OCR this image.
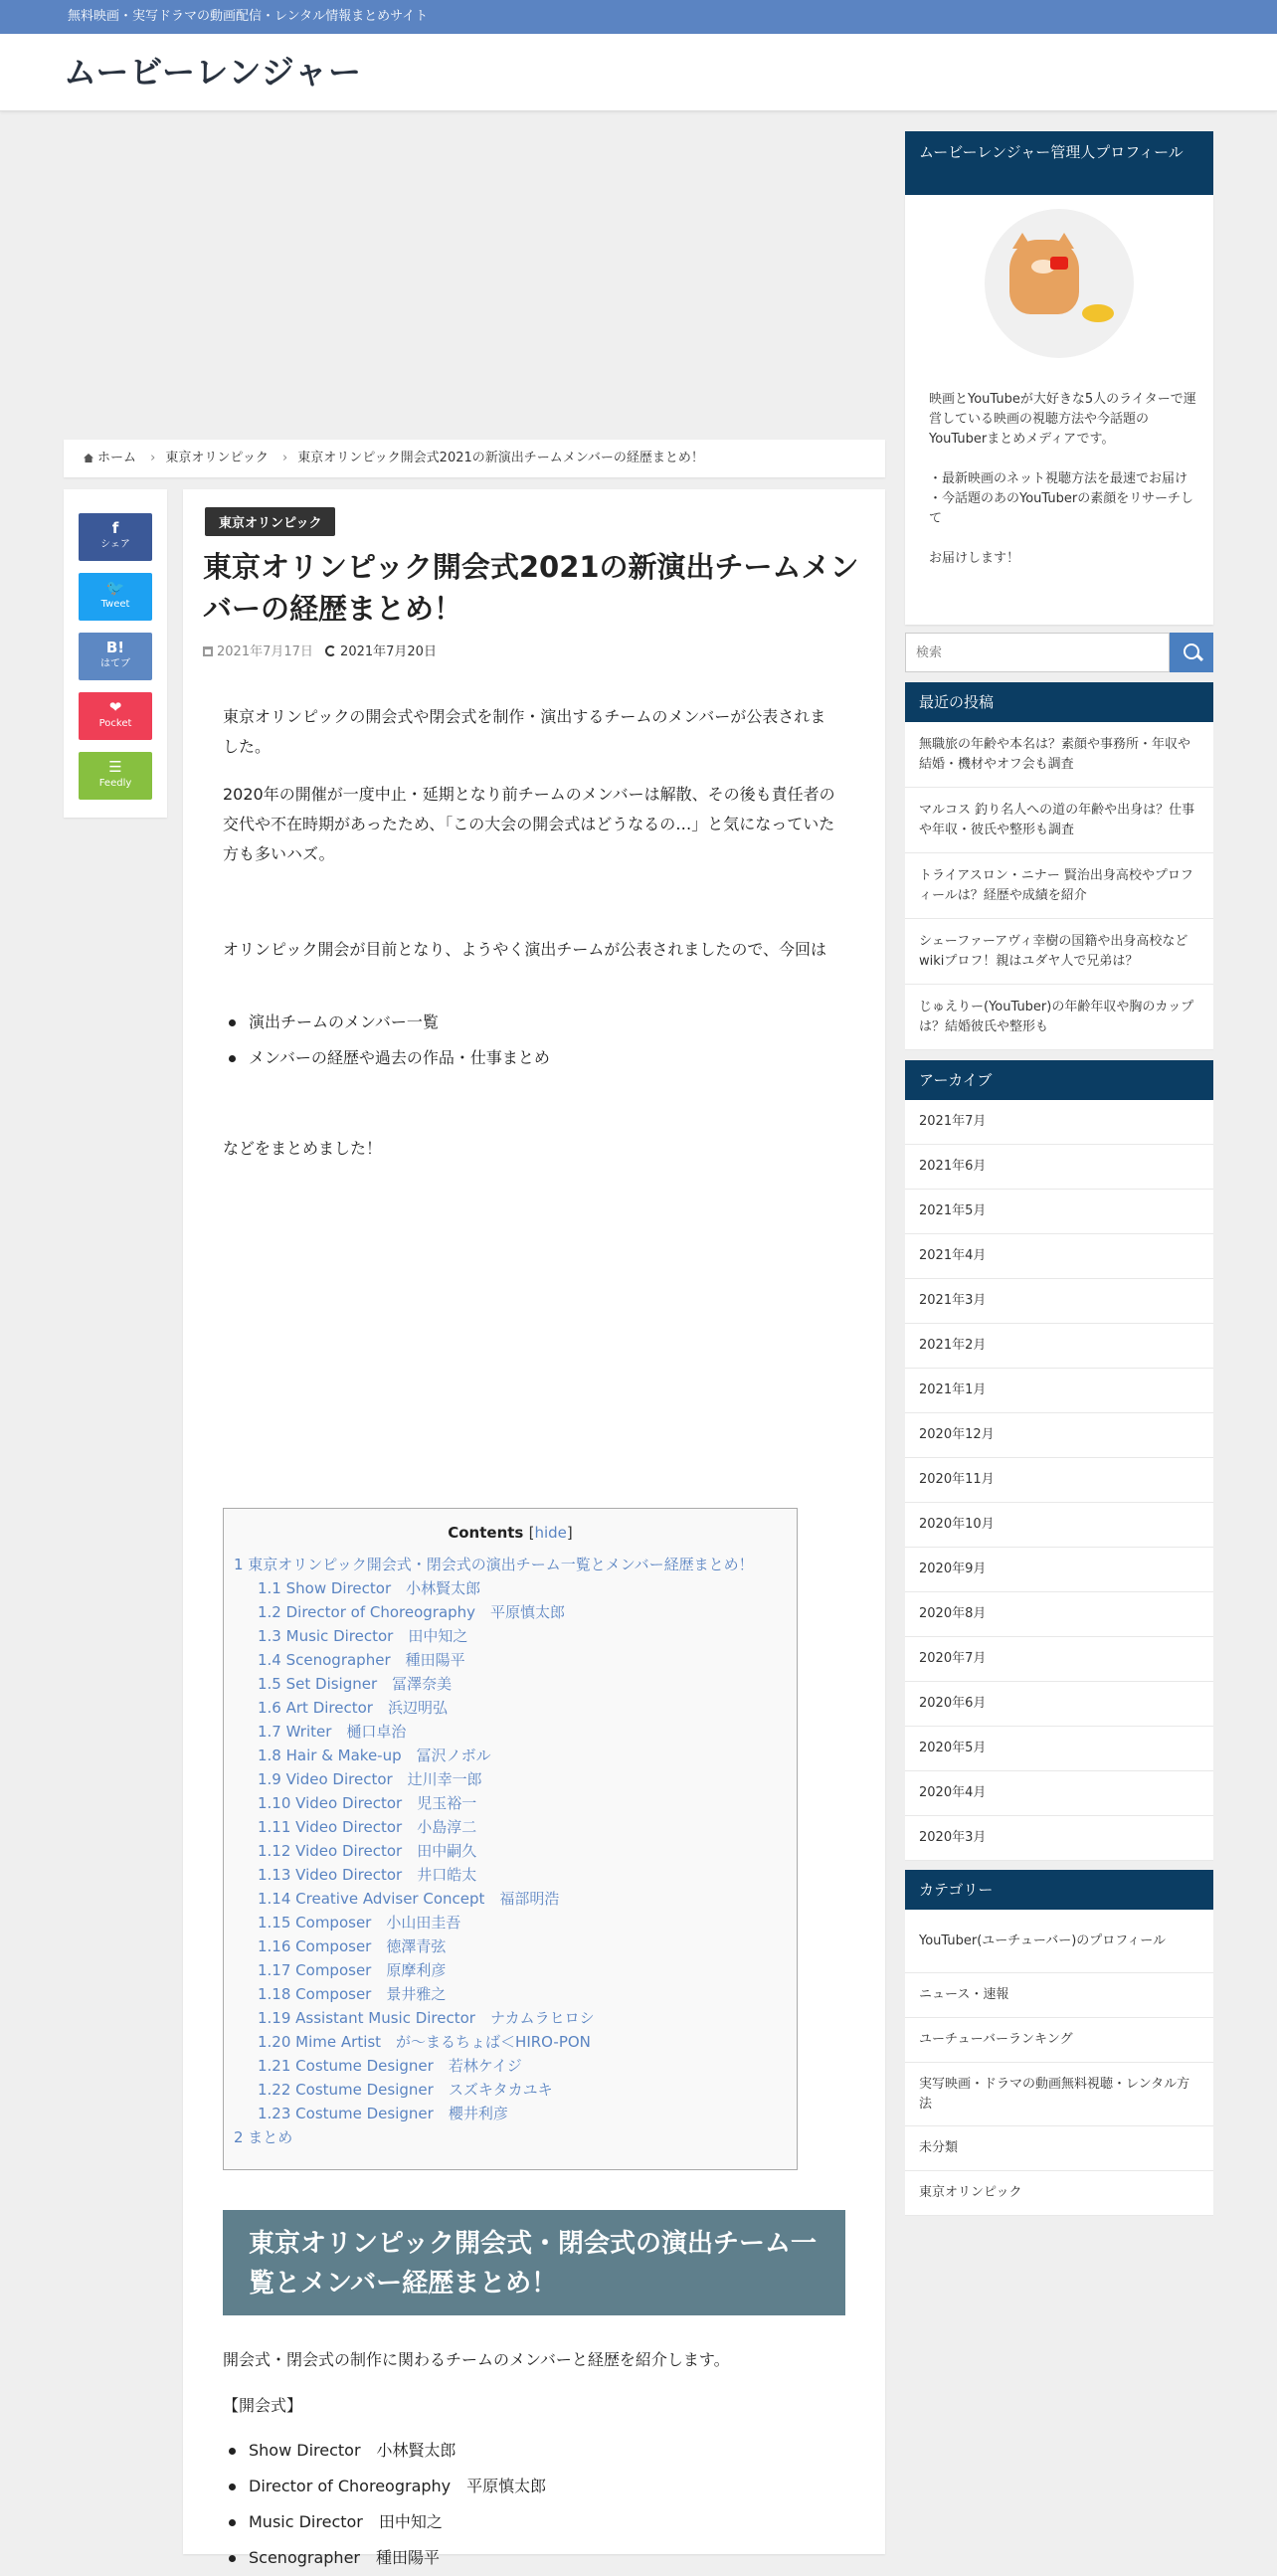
無料映画・実写ドラマの動画配信・レンタル情報まとめサイト
ムービーレンジャー
ホーム › 東京オリンピック › 東京オリンピック開会式2021の新演出チームメンバーの経歴まとめ！
f
シェア
🐦
Tweet
B!
はてブ
❤
Pocket
☰
Feedly
東京オリンピック
東京オリンピック開会式2021の新演出チームメンバーの経歴まとめ！
2021年7月17日 2021年7月20日

東京オリンピックの開会式や閉会式を制作・演出するチームのメンバーが公表されました。

2020年の開催が一度中止・延期となり前チームのメンバーは解散、その後も責任者の交代や不在時期があったため、「この大会の開会式はどうなるの…」と気になっていた方も多いハズ。

オリンピック開会が目前となり、ようやく演出チームが公表されましたので、今回は

演出チームのメンバー一覧
メンバーの経歴や過去の作品・仕事まとめ

などをまとめました！

Contents [hide]
1 東京オリンピック開会式・閉会式の演出チーム一覧とメンバー経歴まとめ！
1.1 Show Director　小林賢太郎
1.2 Director of Choreography　平原慎太郎
1.3 Music Director　田中知之
1.4 Scenographer　種田陽平
1.5 Set Disigner　冨澤奈美
1.6 Art Director　浜辺明弘
1.7 Writer　樋口卓治
1.8 Hair & Make-up　冨沢ノボル
1.9 Video Director　辻川幸一郎
1.10 Video Director　児玉裕一
1.11 Video Director　小島淳二
1.12 Video Director　田中嗣久
1.13 Video Director　井口皓太
1.14 Creative Adviser Concept　福部明浩
1.15 Composer　小山田圭吾
1.16 Composer　徳澤青弦
1.17 Composer　原摩利彦
1.18 Composer　景井雅之
1.19 Assistant Music Director　ナカムラヒロシ
1.20 Mime Artist　が～まるちょば＜HIRO-PON
1.21 Costume Designer　若林ケイジ
1.22 Costume Designer　スズキタカユキ
1.23 Costume Designer　櫻井利彦
2 まとめ
東京オリンピック開会式・閉会式の演出チーム一覧とメンバー経歴まとめ！

開会式・閉会式の制作に関わるチームのメンバーと経歴を紹介します。

【開会式】

Show Director　小林賢太郎
Director of Choreography　平原慎太郎
Music Director　田中知之
Scenographer　種田陽平
ムービーレンジャー管理人プロフィール
映画とYouTubeが大好きな5人のライターで運営している映画の視聴方法や今話題のYouTuberまとめメディアです。
・最新映画のネット視聴方法を最速でお届け
・今話題のあのYouTuberの素顔をリサーチして
お届けします！
検索
最近の投稿
無職旅の年齢や本名は？素顔や事務所・年収や結婚・機材やオフ会も調査
マルコス 釣り名人への道の年齢や出身は？仕事や年収・彼氏や整形も調査
トライアスロン・ニナー 賢治出身高校やプロフィールは？経歴や成績を紹介
シェーファーアヴィ幸樹の国籍や出身高校などwikiプロフ！親はユダヤ人で兄弟は？
じゅえりー(YouTuber)の年齢年収や胸のカップは？結婚彼氏や整形も
アーカイブ
2021年7月
2021年6月
2021年5月
2021年4月
2021年3月
2021年2月
2021年1月
2020年12月
2020年11月
2020年10月
2020年9月
2020年8月
2020年7月
2020年6月
2020年5月
2020年4月
2020年3月
カテゴリー
YouTuber(ユーチューバー)のプロフィール
ニュース・速報
ユーチューバーランキング
実写映画・ドラマの動画無料視聴・レンタル方法
未分類
東京オリンピック
